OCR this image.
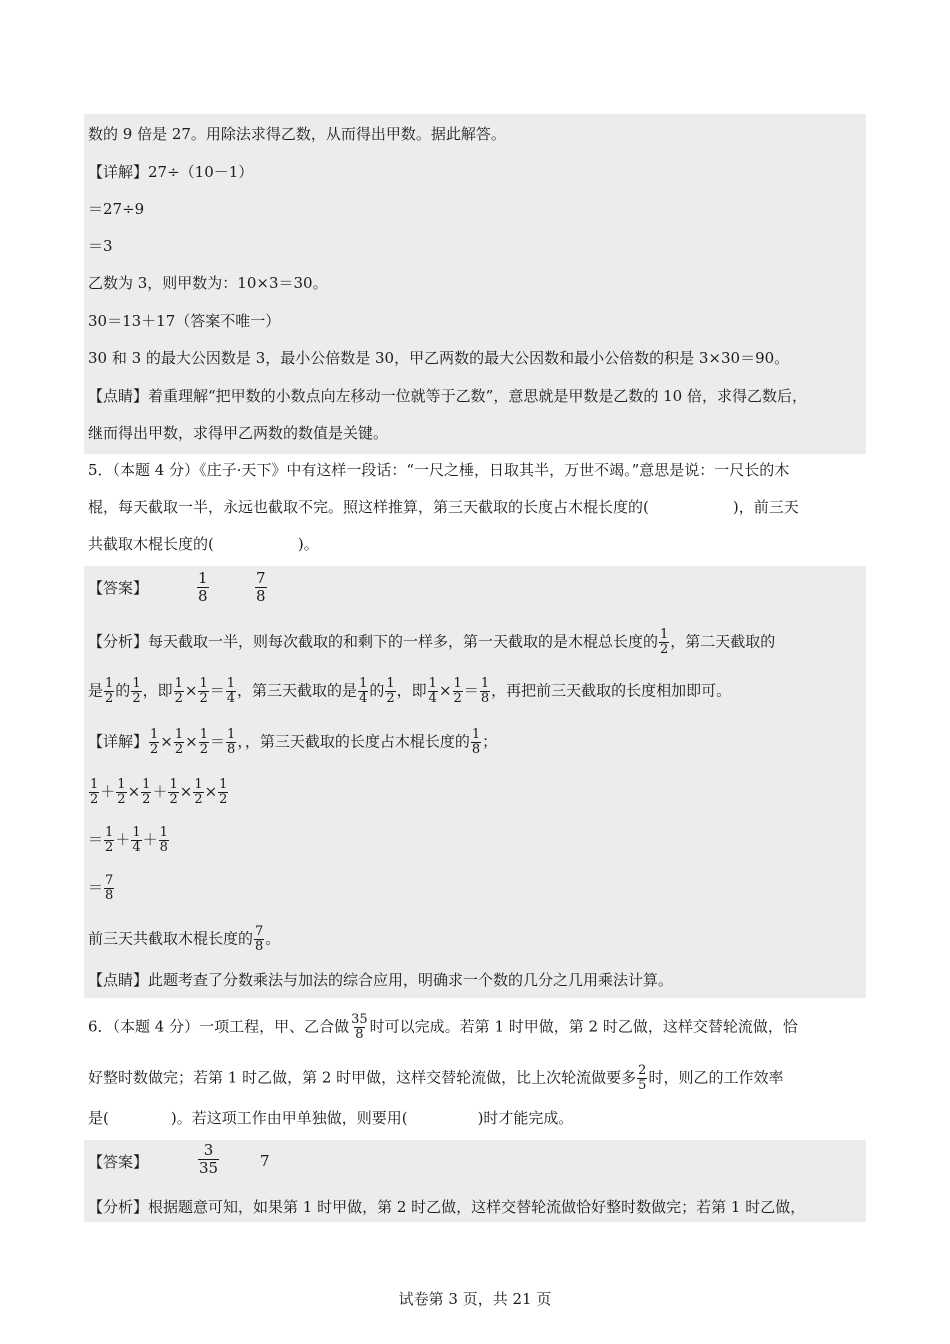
数的 9 倍是 27。用除法求得乙数，从而得出甲数。据此解答。
【详解】27÷（10－1）
＝27÷9
＝3
乙数为 3，则甲数为：10×3＝30。
30＝13＋17（答案不唯一）
30 和 3 的最大公因数是 3，最小公倍数是 30，甲乙两数的最大公因数和最小公倍数的积是 3×30＝90。
【点睛】着重理解“把甲数的小数点向左移动一位就等于乙数”，意思就是甲数是乙数的 10 倍，求得乙数后，
继而得出甲数，求得甲乙两数的数值是关键。
5．（本题 4 分）《庄子·天下》中有这样一段话：“一尺之棰，日取其半，万世不竭。”意思是说：一尺长的木
棍，每天截取一半，永远也截取不完。照这样推算，第三天截取的长度占木棍长度的(	)，前三天
共截取木棍长度的(	)。
【答案】	$\frac{1}{8}$	$\frac{7}{8}$
【分析】每天截取一半，则每次截取的和剩下的一样多，第一天截取的是木棍总长度的 $\frac{1}{2}$ ，第二天截取的
是 $\frac{1}{2}$ 的 $\frac{1}{2}$ ，即 $\frac{1}{2} \times \frac{1}{2} = \frac{1}{4}$ ，第三天截取的是 $\frac{1}{4}$ 的 $\frac{1}{2}$ ，即 $\frac{1}{4} \times \frac{1}{2} = \frac{1}{8}$ ，再把前三天截取的长度相加即可。
【详解】 $\frac{1}{2} \times \frac{1}{2} \times \frac{1}{2} = \frac{1}{8}$ ，，第三天截取的长度占木棍长度的 $\frac{1}{8}$ ；
$\frac{1}{2} + \frac{1}{2} \times \frac{1}{2} + \frac{1}{2} \times \frac{1}{2} \times \frac{1}{2}$
＝ $\frac{1}{2} + \frac{1}{4} + \frac{1}{8}$
＝ $\frac{7}{8}$
前三天共截取木棍长度的 $\frac{7}{8}$ 。
【点睛】此题考查了分数乘法与加法的综合应用，明确求一个数的几分之几用乘法计算。
6．（本题 4 分）一项工程，甲、乙合做 $\frac{35}{8}$ 时可以完成。若第 1 时甲做，第 2 时乙做，这样交替轮流做，恰
好整时数做完；若第 1 时乙做，第 2 时甲做，这样交替轮流做，比上次轮流做要多 $\frac{2}{5}$ 时，则乙的工作效率
是(	)。若这项工作由甲单独做，则要用(	)时才能完成。
【答案】	$\frac{3}{35}$	7
【分析】根据题意可知，如果第 1 时甲做，第 2 时乙做，这样交替轮流做恰好整时数做完；若第 1 时乙做，
试卷第 3 页，共 21 页
